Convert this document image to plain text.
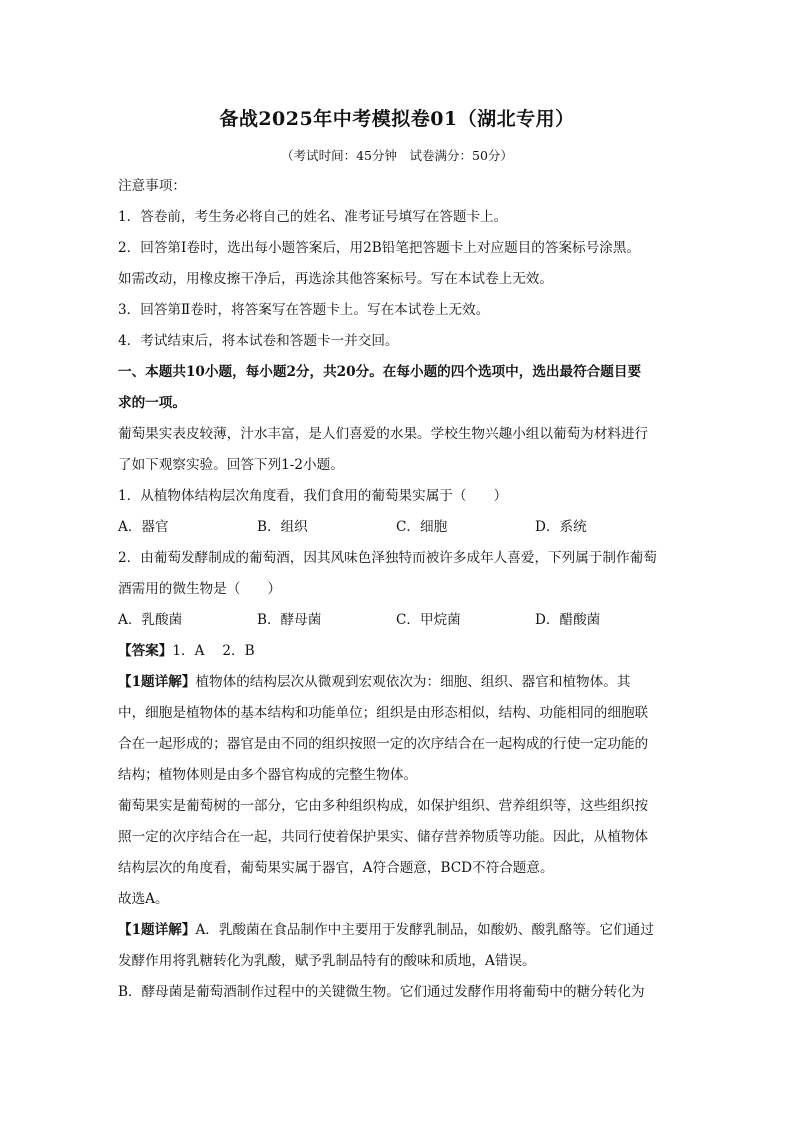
备战2025年中考模拟卷01（湖北专用）
（考试时间：45分钟　试卷满分：50分）
注意事项：
1．答卷前，考生务必将自己的姓名、准考证号填写在答题卡上。
2．回答第Ⅰ卷时，选出每小题答案后，用2B铅笔把答题卡上对应题目的答案标号涂黑。
如需改动，用橡皮擦干净后，再选涂其他答案标号。写在本试卷上无效。
3．回答第Ⅱ卷时，将答案写在答题卡上。写在本试卷上无效。
4．考试结束后，将本试卷和答题卡一并交回。
一、本题共10小题，每小题2分，共20分。在每小题的四个选项中，选出最符合题目要
求的一项。
葡萄果实表皮较薄，汁水丰富，是人们喜爱的水果。学校生物兴趣小组以葡萄为材料进行
了如下观察实验。回答下列1-2小题。
1．从植物体结构层次角度看，我们食用的葡萄果实属于（　　）
A．器官	B．组织	C．细胞	D．系统
2．由葡萄发酵制成的葡萄酒，因其风味色泽独特而被许多成年人喜爱，下列属于制作葡萄
酒需用的微生物是（　　）
A．乳酸菌	B．酵母菌	C．甲烷菌	D．醋酸菌
【答案】1．A　 2．B
【1题详解】植物体的结构层次从微观到宏观依次为：细胞、组织、器官和植物体。其
中，细胞是植物体的基本结构和功能单位；组织是由形态相似，结构、功能相同的细胞联
合在一起形成的；器官是由不同的组织按照一定的次序结合在一起构成的行使一定功能的
结构；植物体则是由多个器官构成的完整生物体。
葡萄果实是葡萄树的一部分，它由多种组织构成，如保护组织、营养组织等，这些组织按
照一定的次序结合在一起，共同行使着保护果实、储存营养物质等功能。因此，从植物体
结构层次的角度看，葡萄果实属于器官，A符合题意，BCD不符合题意。
故选A。
【1题详解】A．乳酸菌在食品制作中主要用于发酵乳制品，如酸奶、酸乳酪等。它们通过
发酵作用将乳糖转化为乳酸，赋予乳制品特有的酸味和质地，A错误。
B．酵母菌是葡萄酒制作过程中的关键微生物。它们通过发酵作用将葡萄中的糖分转化为
